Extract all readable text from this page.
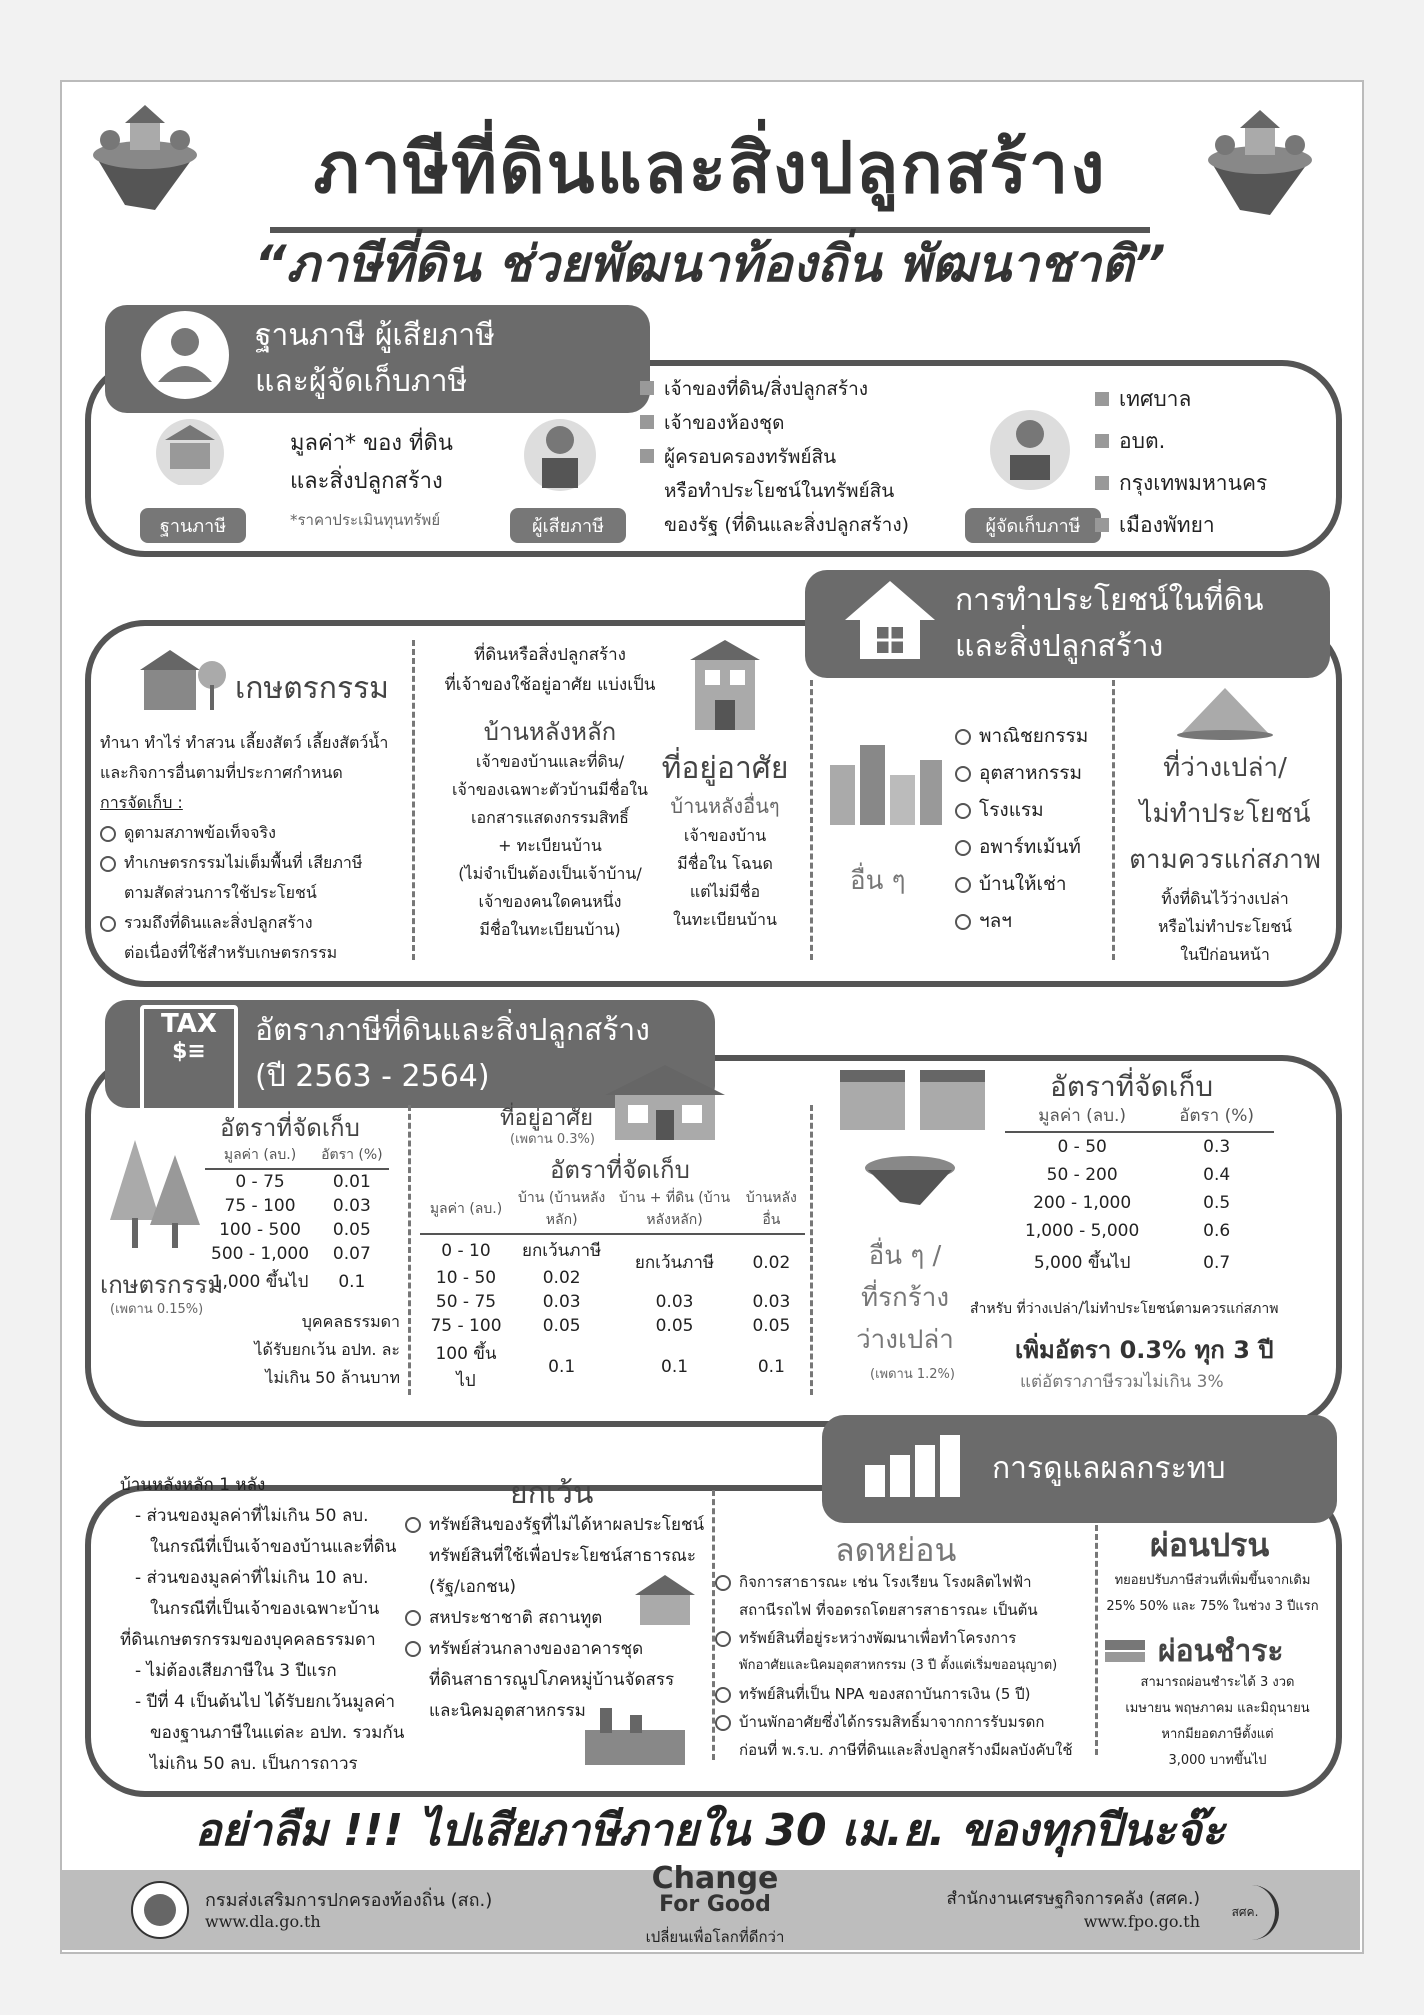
ภาษีที่ดินและสิ่งปลูกสร้าง
“ภาษีที่ดิน ช่วยพัฒนาท้องถิ่น พัฒนาชาติ”
ฐานภาษี ผู้เสียภาษี
และผู้จัดเก็บภาษี
ฐานภาษี
มูลค่า* ของ ที่ดิน
และสิ่งปลูกสร้าง
*ราคาประเมินทุนทรัพย์	ผู้เสียภาษี
เจ้าของที่ดิน/สิ่งปลูกสร้าง
เจ้าของห้องชุด
ผู้ครอบครองทรัพย์สิน
หรือทำประโยชน์ในทรัพย์สิน
ของรัฐ (ที่ดินและสิ่งปลูกสร้าง)	ผู้จัดเก็บภาษี
เทศบาล
อบต.
กรุงเทพมหานคร
เมืองพัทยา
การทำประโยชน์ในที่ดิน
และสิ่งปลูกสร้าง
เกษตรกรรม
ทำนา ทำไร่ ทำสวน เลี้ยงสัตว์ เลี้ยงสัตว์น้ำ
และกิจการอื่นตามที่ประกาศกำหนด
การจัดเก็บ :
ดูตามสภาพข้อเท็จจริง
ทำเกษตรกรรมไม่เต็มพื้นที่ เสียภาษี
ตามสัดส่วนการใช้ประโยชน์
รวมถึงที่ดินและสิ่งปลูกสร้าง
ต่อเนื่องที่ใช้สำหรับเกษตรกรรม
ที่ดินหรือสิ่งปลูกสร้าง
ที่เจ้าของใช้อยู่อาศัย แบ่งเป็น
บ้านหลังหลัก
เจ้าของบ้านและที่ดิน/
เจ้าของเฉพาะตัวบ้านมีชื่อใน
เอกสารแสดงกรรมสิทธิ์
+ ทะเบียนบ้าน
(ไม่จำเป็นต้องเป็นเจ้าบ้าน/
เจ้าของคนใดคนหนึ่ง
มีชื่อในทะเบียนบ้าน)
ที่อยู่อาศัย
บ้านหลังอื่นๆ
เจ้าของบ้าน
มีชื่อใน โฉนด
แต่ไม่มีชื่อ
ในทะเบียนบ้าน
อื่น ๆ
พาณิชยกรรม
อุตสาหกรรม
โรงแรม
อพาร์ทเม้นท์
บ้านให้เช่า
ฯลฯ
ที่ว่างเปล่า/
ไม่ทำประโยชน์
ตามควรแก่สภาพ
ทิ้งที่ดินไว้ว่างเปล่า
หรือไม่ทำประโยชน์
ในปีก่อนหน้า
อัตราภาษีที่ดินและสิ่งปลูกสร้าง
(ปี 2563 - 2564)
TAX
$≡
อัตราที่จัดเก็บ
มูลค่า (ลบ.)	อัตรา (%)
0 - 75	0.01
75 - 100	0.03
100 - 500	0.05
500 - 1,000	0.07
1,000 ขึ้นไป	0.1
เกษตรกรรม
(เพดาน 0.15%)
บุคคลธรรมดา
ได้รับยกเว้น อปท. ละ
ไม่เกิน 50 ล้านบาท
ที่อยู่อาศัย
(เพดาน 0.3%)
อัตราที่จัดเก็บ
มูลค่า (ลบ.)	บ้าน (บ้านหลังหลัก)	บ้าน + ที่ดิน (บ้านหลังหลัก)	บ้านหลังอื่น
0 - 10	ยกเว้นภาษี	ยกเว้นภาษี	0.02
10 - 50	0.02		
50 - 75	0.03	0.03	0.03
75 - 100	0.05	0.05	0.05
100 ขึ้นไป	0.1	0.1	0.1
อื่น ๆ /
ที่รกร้าง
ว่างเปล่า
(เพดาน 1.2%)
อัตราที่จัดเก็บ
มูลค่า (ลบ.)	อัตรา (%)
0 - 50	0.3
50 - 200	0.4
200 - 1,000	0.5
1,000 - 5,000	0.6
5,000 ขึ้นไป	0.7
สำหรับ ที่ว่างเปล่า/ไม่ทำประโยชน์ตามควรแก่สภาพ
เพิ่มอัตรา 0.3% ทุก 3 ปี
แต่อัตราภาษีรวมไม่เกิน 3%
การดูแลผลกระทบ
บ้านหลังหลัก 1 หลัง
- ส่วนของมูลค่าที่ไม่เกิน 50 ลบ.
ในกรณีที่เป็นเจ้าของบ้านและที่ดิน
- ส่วนของมูลค่าที่ไม่เกิน 10 ลบ.
ในกรณีที่เป็นเจ้าของเฉพาะบ้าน
ที่ดินเกษตรกรรมของบุคคลธรรมดา
- ไม่ต้องเสียภาษีใน 3 ปีแรก
- ปีที่ 4 เป็นต้นไป ได้รับยกเว้นมูลค่า
ของฐานภาษีในแต่ละ อปท. รวมกัน
ไม่เกิน 50 ลบ. เป็นการถาวร
ยกเว้น
ทรัพย์สินของรัฐที่ไม่ได้หาผลประโยชน์
ทรัพย์สินที่ใช้เพื่อประโยชน์สาธารณะ
(รัฐ/เอกชน)
สหประชาชาติ สถานทูต
ทรัพย์ส่วนกลางของอาคารชุด
ที่ดินสาธารณูปโภคหมู่บ้านจัดสรร
และนิคมอุตสาหกรรม
ลดหย่อน
กิจการสาธารณะ เช่น โรงเรียน โรงผลิตไฟฟ้า
สถานีรถไฟ ที่จอดรถโดยสารสาธารณะ เป็นต้น
ทรัพย์สินที่อยู่ระหว่างพัฒนาเพื่อทำโครงการ
พักอาศัยและนิคมอุตสาหกรรม (3 ปี ตั้งแต่เริ่มขออนุญาต)
ทรัพย์สินที่เป็น NPA ของสถาบันการเงิน (5 ปี)
บ้านพักอาศัยซึ่งได้กรรมสิทธิ์มาจากการรับมรดก
ก่อนที่ พ.ร.บ. ภาษีที่ดินและสิ่งปลูกสร้างมีผลบังคับใช้
ผ่อนปรน
ทยอยปรับภาษีส่วนที่เพิ่มขึ้นจากเดิม
25% 50% และ 75% ในช่วง 3 ปีแรก
ผ่อนชำระ
สามารถผ่อนชำระได้ 3 งวด
เมษายน พฤษภาคม และมิถุนายน
หากมียอดภาษีตั้งแต่
3,000 บาทขึ้นไป
อย่าลืม !!! ไปเสียภาษีภายใน 30 เม.ย. ของทุกปีนะจ๊ะ
กรมส่งเสริมการปกครองท้องถิ่น (สถ.)
www.dla.go.th
Change
For Good
เปลี่ยนเพื่อโลกที่ดีกว่า
สำนักงานเศรษฐกิจการคลัง (สศค.)
www.fpo.go.th	สศค.
